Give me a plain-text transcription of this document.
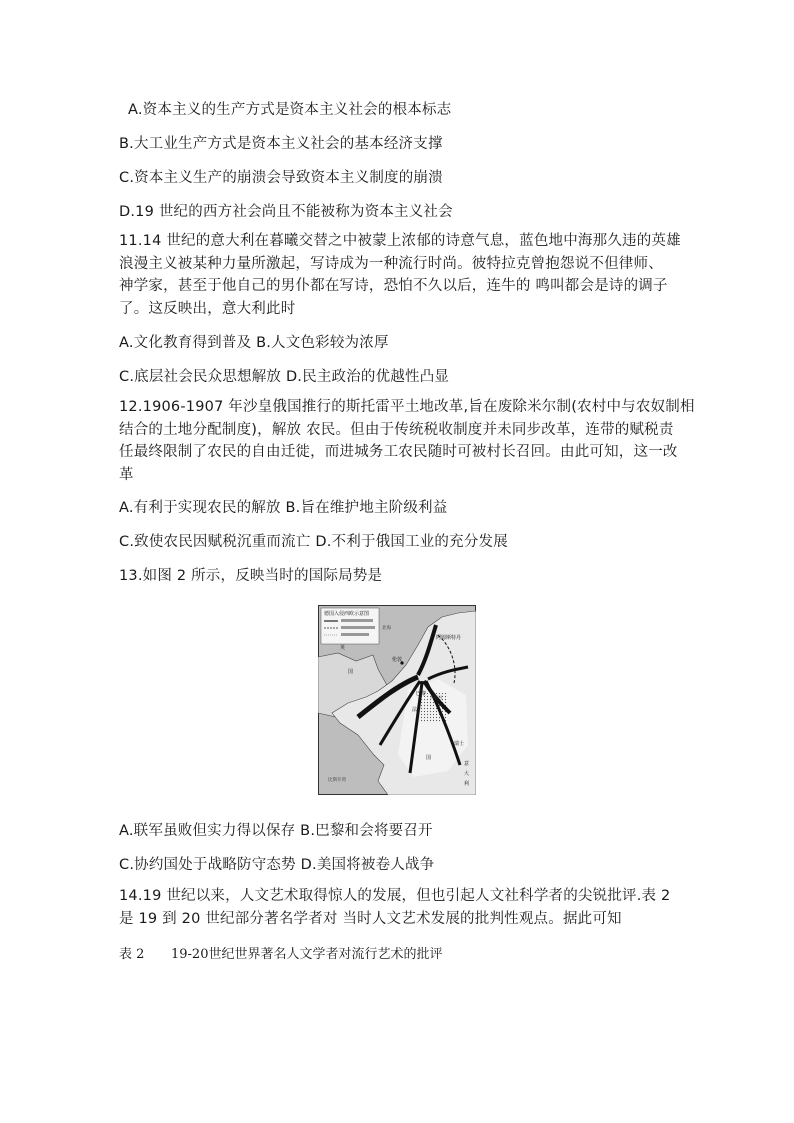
A.资本主义的生产方式是资本主义社会的根本标志
B.大工业生产方式是资本主义社会的基本经济支撑
C.资本主义生产的崩溃会导致资本主义制度的崩溃
D.19 世纪的西方社会尚且不能被称为资本主义社会
11.14 世纪的意大利在暮曦交替之中被蒙上浓郁的诗意气息，蓝色地中海那久违的英雄
浪漫主义被某种力量所激起，写诗成为一种流行时尚。彼特拉克曾抱怨说不但律师、
神学家，甚至于他自己的男仆都在写诗，恐怕不久以后，连牛的 鸣叫都会是诗的调子
了。这反映出，意大利此时
A.文化教育得到普及 B.人文色彩较为浓厚
C.底层社会民众思想解放 D.民主政治的优越性凸显
12.1906-1907 年沙皇俄国推行的斯托雷平土地改革,旨在废除米尔制(农村中与农奴制相
结合的土地分配制度)，解放 农民。但由于传统税收制度并未同步改革，连带的赋税责
任最终限制了农民的自由迁徙，而进城务工农民随时可被村长召回。由此可知，这一改
革
A.有利于实现农民的解放 B.旨在维护地主阶级利益
C.致使农民因赋税沉重而流亡 D.不利于俄国工业的充分发展
13.如图 2 所示，反映当时的国际局势是
德国入侵西欧示意图
英
国
伦敦
阿姆斯特丹
巴黎
法
国
瑞士
意
大
利
北海
比斯开湾
马恩河
A.联军虽败但实力得以保存 B.巴黎和会将要召开
C.协约国处于战略防守态势 D.美国将被卷人战争
14.19 世纪以来，人文艺术取得惊人的发展，但也引起人文社科学者的尖锐批评.表 2
是 19 到 20 世纪部分著名学者对 当时人文艺术发展的批判性观点。据此可知
表 2 19-20世纪世界著名人文学者对流行艺术的批评
